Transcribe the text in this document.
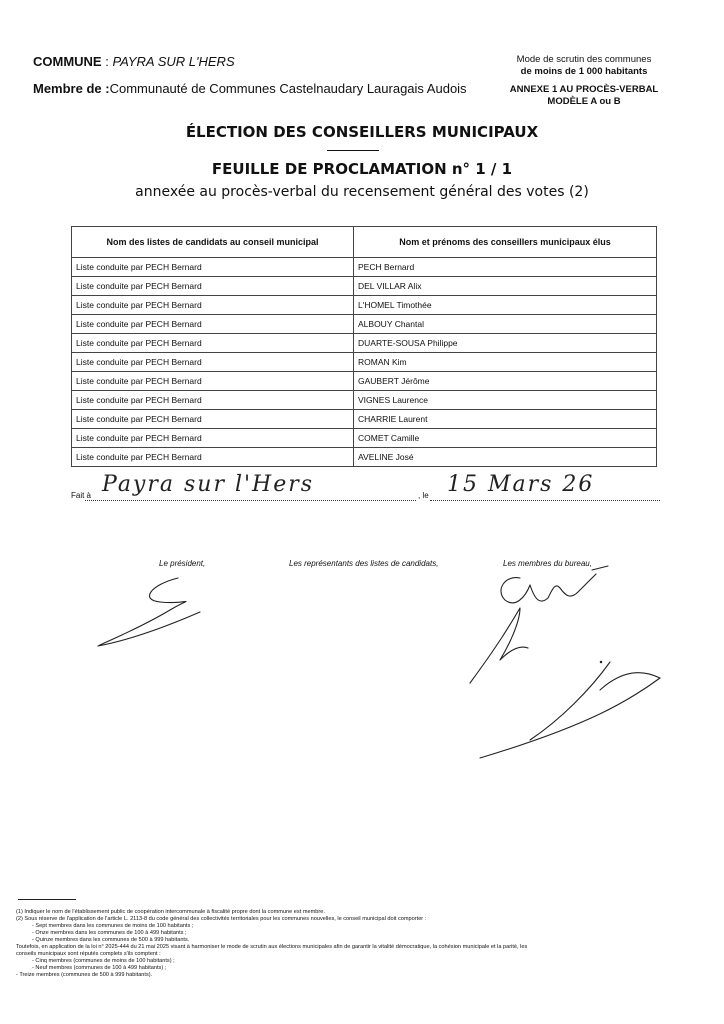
COMMUNE : PAYRA SUR L'HERS
Membre de :Communauté de Communes Castelnaudary Lauragais Audois
Mode de scrutin des communes
de moins de 1 000 habitants
ANNEXE 1 AU PROCÈS-VERBAL
MODÈLE A ou B
ÉLECTION DES CONSEILLERS MUNICIPAUX
FEUILLE DE PROCLAMATION n° 1 / 1
annexée au procès-verbal du recensement général des votes (2)
Nom des listes de candidats au conseil municipal	Nom et prénoms des conseillers municipaux élus
Liste conduite par PECH Bernard	PECH Bernard
Liste conduite par PECH Bernard	DEL VILLAR Alix
Liste conduite par PECH Bernard	L'HOMEL Timothée
Liste conduite par PECH Bernard	ALBOUY Chantal
Liste conduite par PECH Bernard	DUARTE-SOUSA Philippe
Liste conduite par PECH Bernard	ROMAN Kim
Liste conduite par PECH Bernard	GAUBERT Jérôme
Liste conduite par PECH Bernard	VIGNES Laurence
Liste conduite par PECH Bernard	CHARRIE Laurent
Liste conduite par PECH Bernard	COMET Camille
Liste conduite par PECH Bernard	AVELINE José
Fait à Payra sur l'Hers	, le 15 Mars 26
Le président,	Les représentants des listes de candidats,	Les membres du bureau,
(1) Indiquer le nom de l'établissement public de coopération intercommunale à fiscalité propre dont la commune est membre.
(2) Sous réserve de l'application de l'article L. 2113-8 du code général des collectivités territoriales pour les communes nouvelles, le conseil municipal doit comporter :
- Sept membres dans les communes de moins de 100 habitants ;
- Onze membres dans les communes de 100 à 499 habitants ;
- Quinze membres dans les communes de 500 à 999 habitants.
Toutefois, en application de la loi n° 2025-444 du 21 mai 2025 visant à harmoniser le mode de scrutin aux élections municipales afin de garantir la vitalité démocratique, la cohésion municipale et la parité, les
conseils municipaux sont réputés complets s'ils comptent :
- Cinq membres (communes de moins de 100 habitants) ;
- Neuf membres (communes de 100 à 499 habitants) ;
- Treize membres (communes de 500 à 999 habitants).
